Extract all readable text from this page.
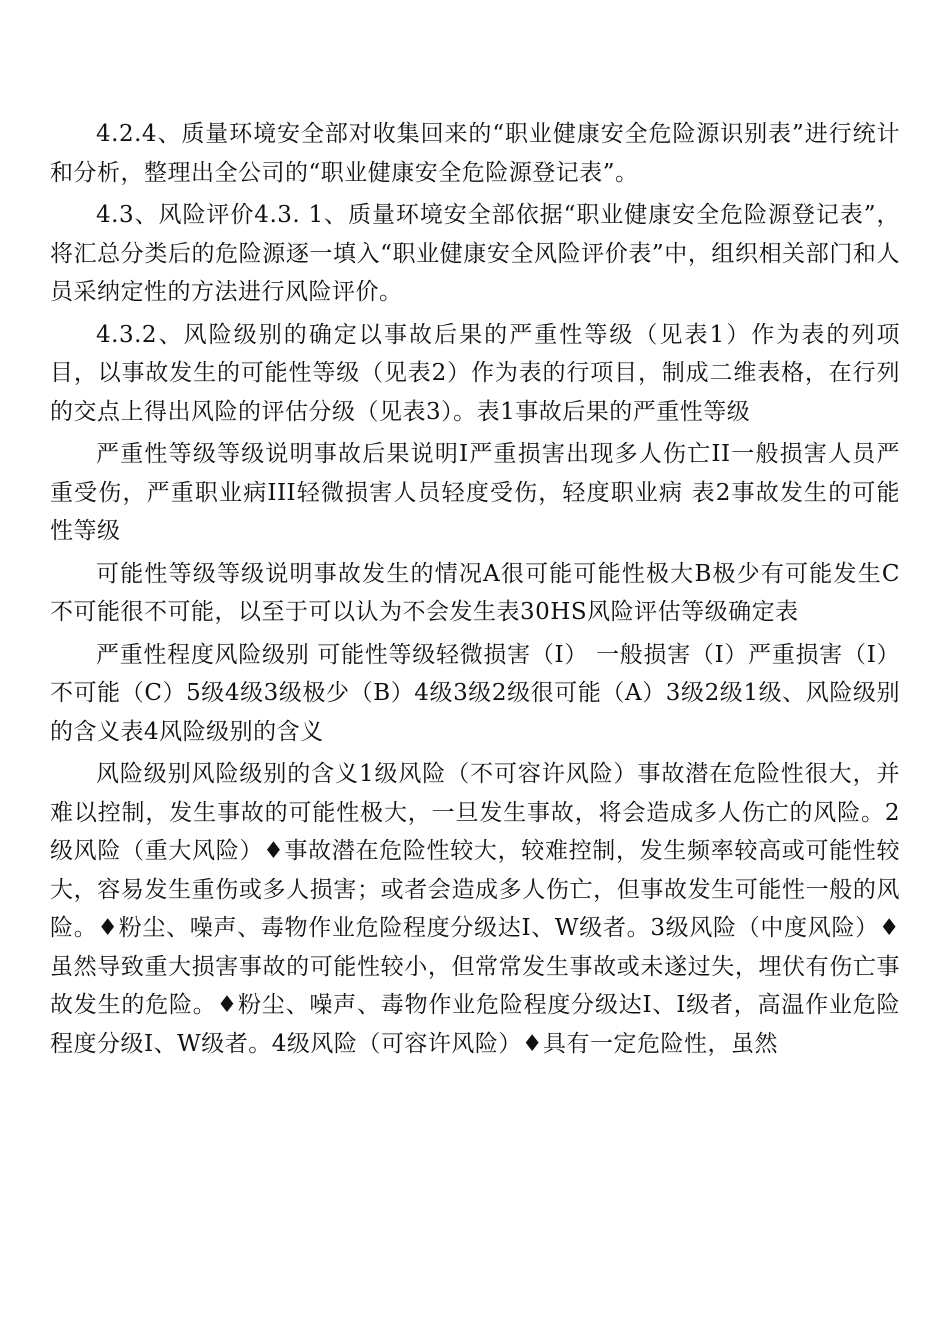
4.2.4、质量环境安全部对收集回来的“职业健康安全危险源识别表”进行统计和分析，整理出全公司的“职业健康安全危险源登记表”。

4.3、风险评价4.3. 1、质量环境安全部依据“职业健康安全危险源登记表”，将汇总分类后的危险源逐一填入“职业健康安全风险评价表”中，组织相关部门和人员采纳定性的方法进行风险评价。

4.3.2、风险级别的确定以事故后果的严重性等级（见表1）作为表的列项目，以事故发生的可能性等级（见表2）作为表的行项目，制成二维表格，在行列的交点上得出风险的评估分级（见表3）。表1事故后果的严重性等级

严重性等级等级说明事故后果说明I严重损害出现多人伤亡II一般损害人员严重受伤，严重职业病III轻微损害人员轻度受伤，轻度职业病 表2事故发生的可能性等级

可能性等级等级说明事故发生的情况A很可能可能性极大B极少有可能发生C不可能很不可能，以至于可以认为不会发生表30HS风险评估等级确定表

严重性程度风险级别 可能性等级轻微损害（I） 一般损害（I）严重损害（I）不可能（C）5级4级3级极少（B）4级3级2级很可能（A）3级2级1级、风险级别的含义表4风险级别的含义

风险级别风险级别的含义1级风险（不可容许风险）事故潜在危险性很大，并难以控制，发生事故的可能性极大，一旦发生事故，将会造成多人伤亡的风险。2级风险（重大风险）♦事故潜在危险性较大，较难控制，发生频率较高或可能性较大，容易发生重伤或多人损害；或者会造成多人伤亡，但事故发生可能性一般的风险。♦粉尘、噪声、毒物作业危险程度分级达I、W级者。3级风险（中度风险）♦虽然导致重大损害事故的可能性较小，但常常发生事故或未遂过失，埋伏有伤亡事故发生的危险。♦粉尘、噪声、毒物作业危险程度分级达I、I级者，高温作业危险程度分级I、W级者。4级风险（可容许风险）♦具有一定危险性，虽然
